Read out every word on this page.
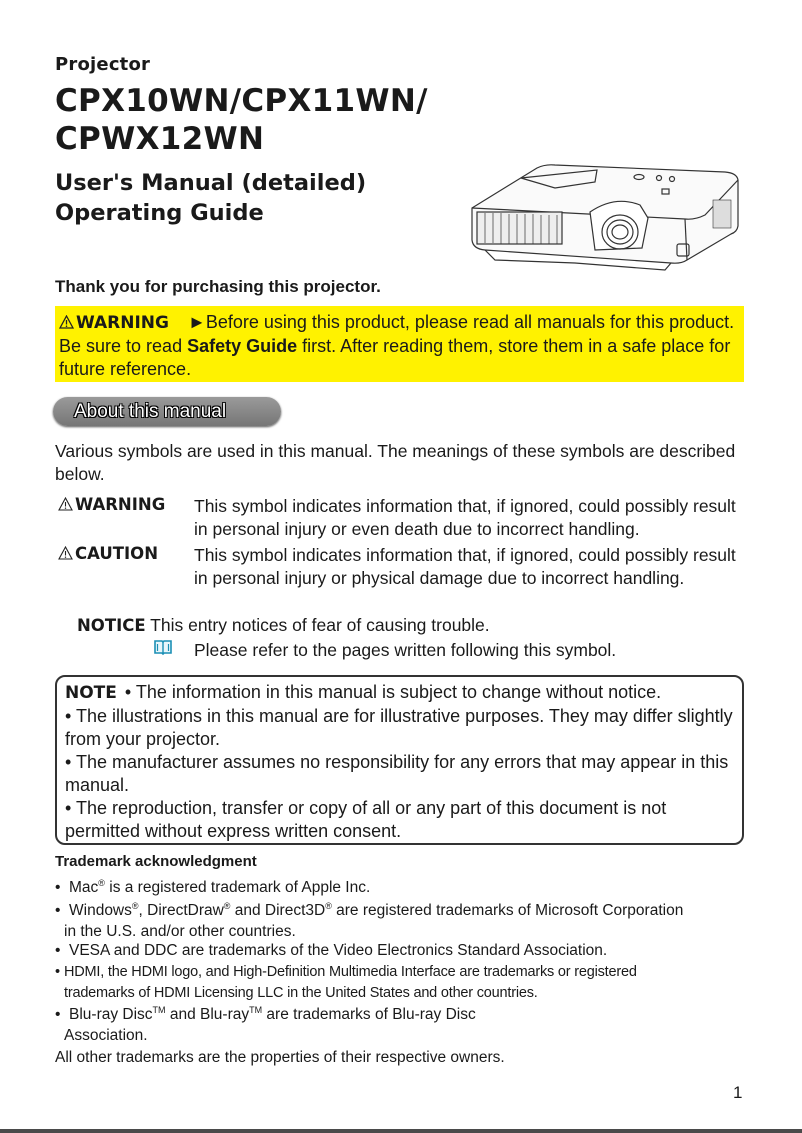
Projector
CPX10WN/CPX11WN/
CPWX12WN
User's Manual (detailed)
Operating Guide
Thank you for purchasing this projector.
WARNING ►Before using this product, please read all manuals for this product. Be sure to read Safety Guide first. After reading them, store them in a safe place for future reference.
About this manual
Various symbols are used in this manual. The meanings of these symbols are described below.
WARNING This symbol indicates information that, if ignored, could possibly result in personal injury or even death due to incorrect handling.
CAUTION This symbol indicates information that, if ignored, could possibly result in personal injury or physical damage due to incorrect handling.
NOTICE This entry notices of fear of causing trouble.
Please refer to the pages written following this symbol.
NOTE • The information in this manual is subject to change without notice.
• The illustrations in this manual are for illustrative purposes. They may differ slightly from your projector.
• The manufacturer assumes no responsibility for any errors that may appear in this manual.
• The reproduction, transfer or copy of all or any part of this document is not permitted without express written consent.
Trademark acknowledgment
• Mac® is a registered trademark of Apple Inc.
• Windows®, DirectDraw® and Direct3D® are registered trademarks of Microsoft Corporation
in the U.S. and/or other countries.
• VESA and DDC are trademarks of the Video Electronics Standard Association.
• HDMI, the HDMI logo, and High-Definition Multimedia Interface are trademarks or registered
trademarks of HDMI Licensing LLC in the United States and other countries.
• Blu-ray Disc™ and Blu-ray™ are trademarks of Blu-ray Disc
Association.
All other trademarks are the properties of their respective owners.
1
